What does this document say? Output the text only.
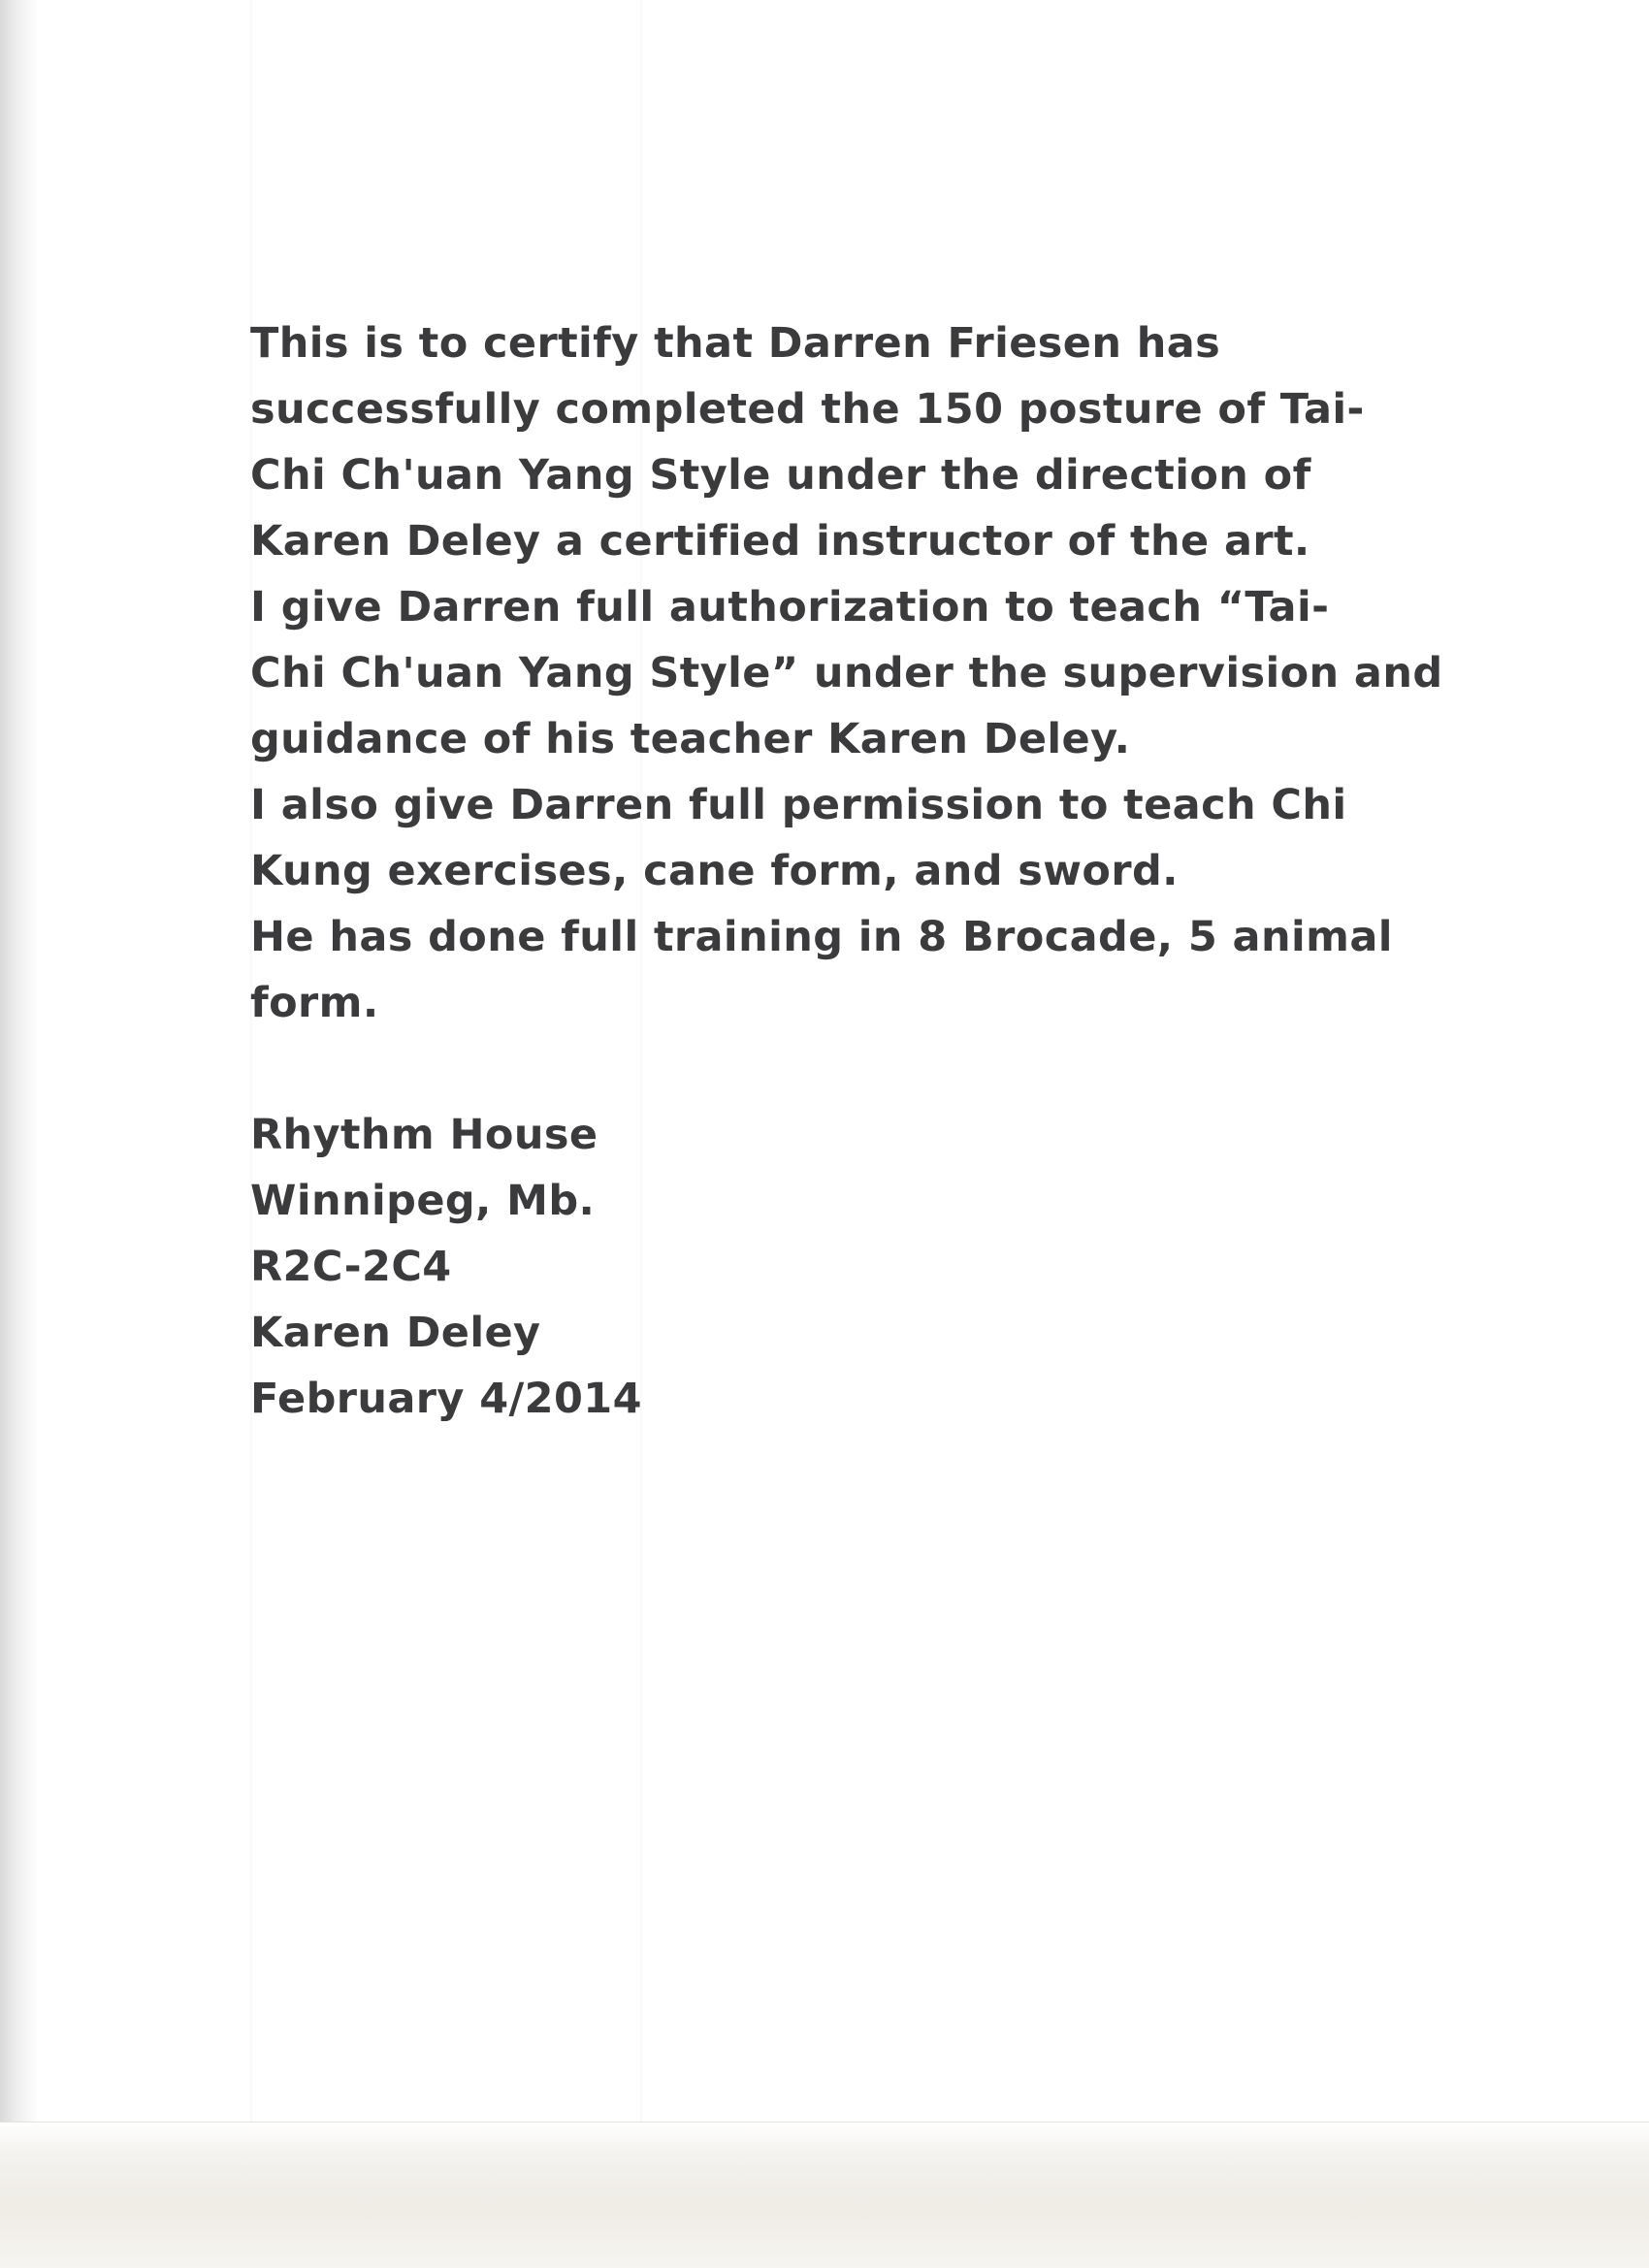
This is to certify that Darren Friesen has
successfully completed the 150 posture of Tai-
Chi Ch'uan Yang Style under the direction of
Karen Deley a certified instructor of the art.
I give Darren full authorization to teach “Tai-
Chi Ch'uan Yang Style” under the supervision and
guidance of his teacher Karen Deley.
I also give Darren full permission to teach Chi
Kung exercises, cane form, and sword.
He has done full training in 8 Brocade, 5 animal
form.
Rhythm House
Winnipeg, Mb.
R2C-2C4
Karen Deley
February 4/2014
